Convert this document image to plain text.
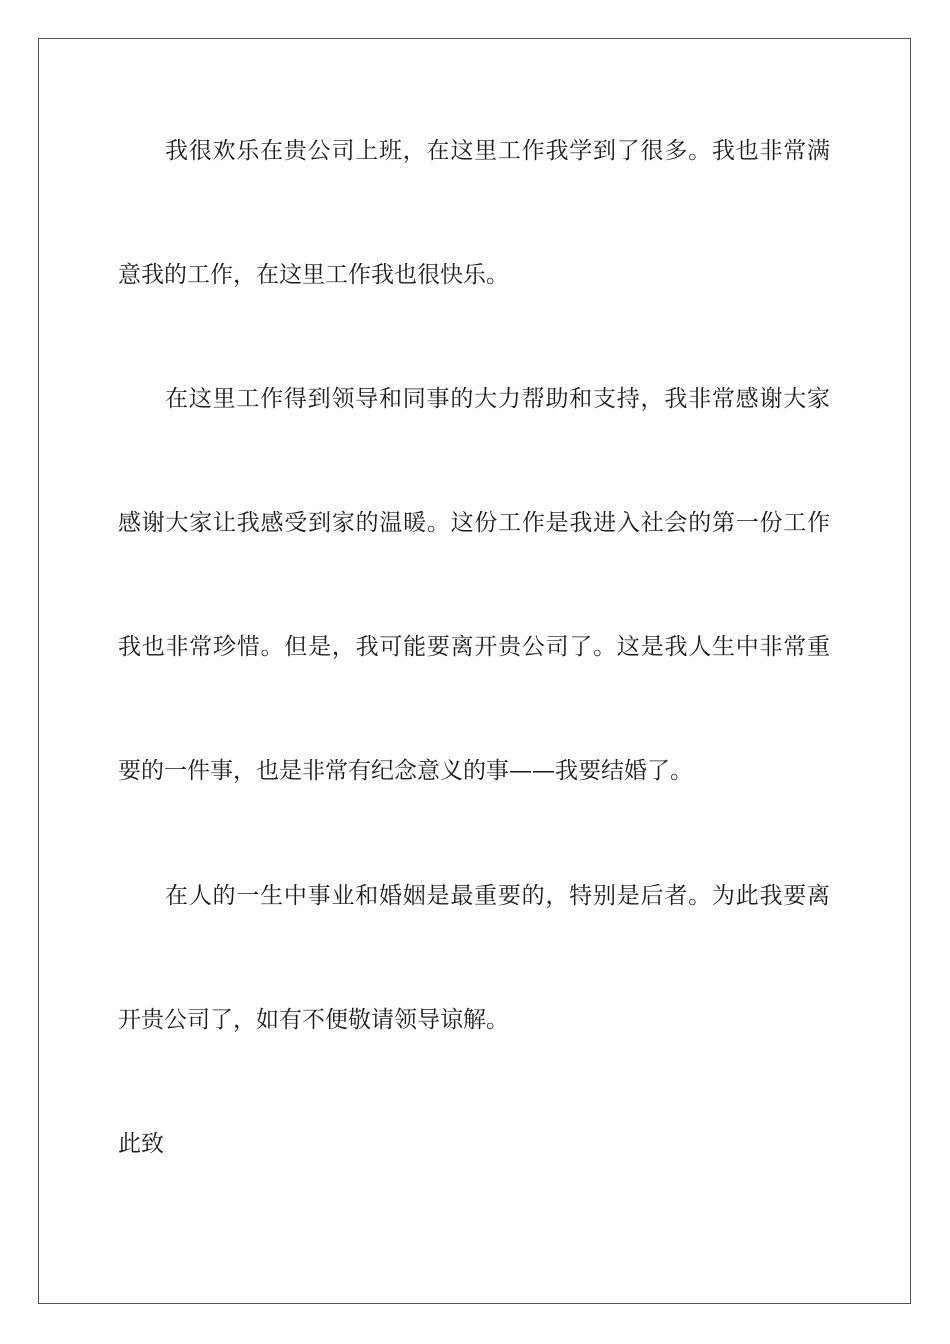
我很欢乐在贵公司上班，在这里工作我学到了很多。我也非常满
意我的工作，在这里工作我也很快乐。
在这里工作得到领导和同事的大力帮助和支持，我非常感谢大家
感谢大家让我感受到家的温暖。这份工作是我进入社会的第一份工作
我也非常珍惜。但是，我可能要离开贵公司了。这是我人生中非常重
要的一件事，也是非常有纪念意义的事——我要结婚了。
在人的一生中事业和婚姻是最重要的，特别是后者。为此我要离
开贵公司了，如有不便敬请领导谅解。
此致
